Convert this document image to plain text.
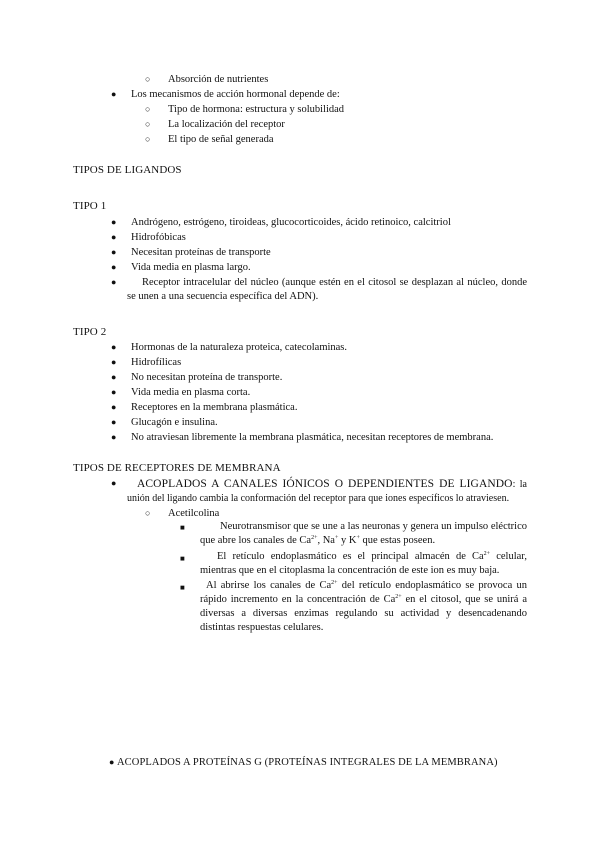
○ Absorción de nutrientes
● Los mecanismos de acción hormonal depende de:
○ Tipo de hormona: estructura y solubilidad
○ La localización del receptor
○ El tipo de señal generada
TIPOS DE LIGANDOS
TIPO 1
● Andrógeno, estrógeno, tiroideas, glucocorticoides, ácido retinoico, calcitriol
● Hidrofóbicas
● Necesitan proteínas de transporte
● Vida media en plasma largo.
●	Receptor intracelular del núcleo (aunque estén en el citosol se desplazan al núcleo, donde se unen a una secuencia específica del ADN).
TIPO 2
● Hormonas de la naturaleza proteica, catecolaminas.
● Hidrofílicas
● No necesitan proteína de transporte.
● Vida media en plasma corta.
● Receptores en la membrana plasmática.
● Glucagón e insulina.
● No atraviesan libremente la membrana plasmática, necesitan receptores de membrana.
TIPOS DE RECEPTORES DE MEMBRANA
●	ACOPLADOS A CANALES IÓNICOS O DEPENDIENTES DE LIGANDO: la unión del ligando cambia la conformación del receptor para que iones específicos lo atraviesen.
○ Acetilcolina
■	Neurotransmisor que se une a las neuronas y genera un impulso eléctrico que abre los canales de $Ca^{2+}$, Na+ y K+ que estas poseen.
■	El retículo endoplasmático es el principal almacén de $Ca^{2+}$ celular, mientras que en el citoplasma la concentración de este ion es muy baja.
■	Al abrirse los canales de $Ca^{2+}$ del retículo endoplasmático se provoca un rápido incremento en la concentración de $Ca^{2+}$ en el citosol, que se unirá a diversas a diversas enzimas regulando su actividad y desencadenando distintas respuestas celulares.
● ACOPLADOS A PROTEÍNAS G (PROTEÍNAS INTEGRALES DE LA MEMBRANA)
